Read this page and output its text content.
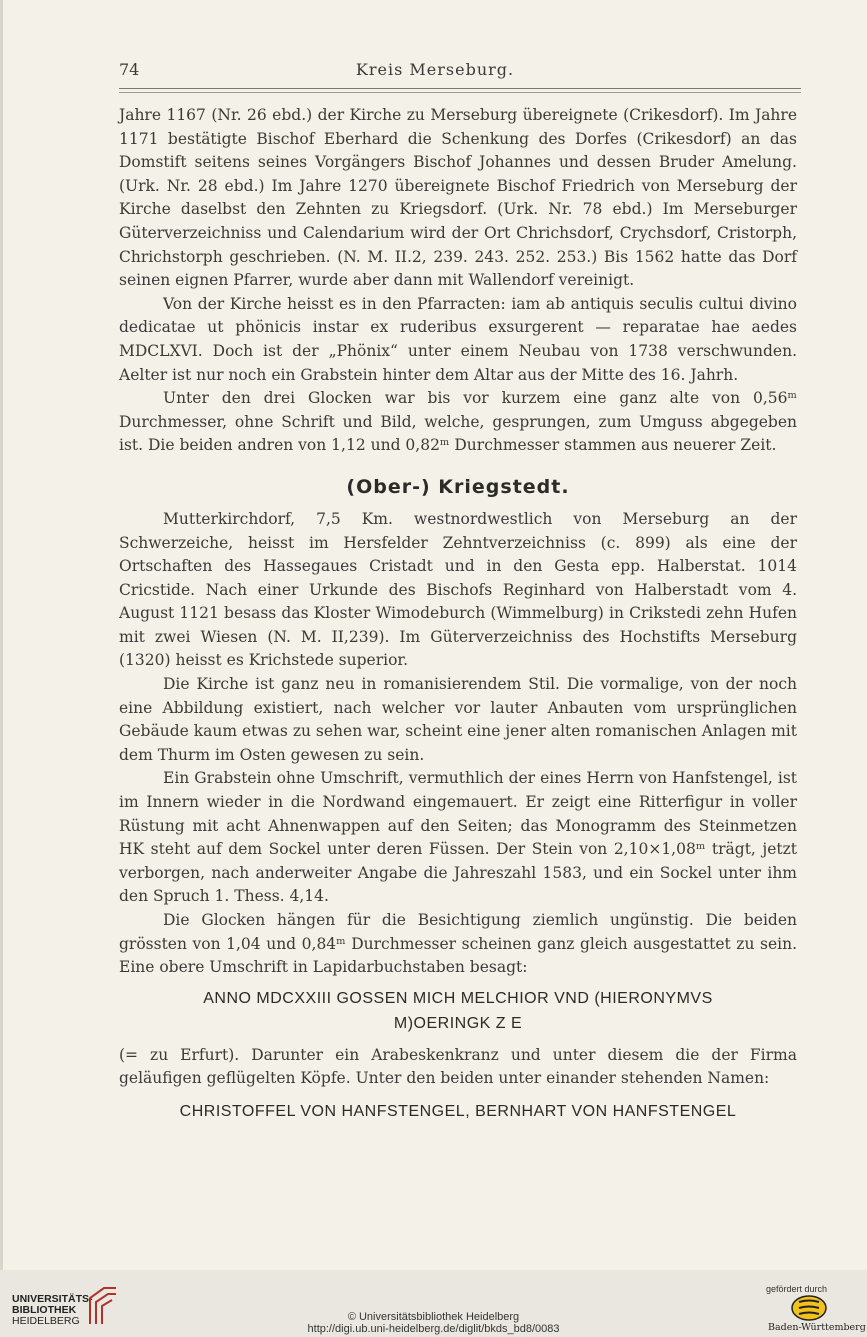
74	Kreis Merseburg.

Jahre 1167 (Nr. 26 ebd.) der Kirche zu Merseburg übereignete (Crikesdorf). Im Jahre 1171 bestätigte Bischof Eberhard die Schenkung des Dorfes (Crikesdorf) an das Domstift seitens seines Vorgängers Bischof Johannes und dessen Bruder Amelung. (Urk. Nr. 28 ebd.) Im Jahre 1270 übereignete Bischof Friedrich von Merseburg der Kirche daselbst den Zehnten zu Kriegsdorf. (Urk. Nr. 78 ebd.) Im Merseburger Güterverzeichniss und Calendarium wird der Ort Chrichsdorf, Crychsdorf, Cristorph, Chrichstorph geschrieben. (N. M. II.2, 239. 243. 252. 253.) Bis 1562 hatte das Dorf seinen eignen Pfarrer, wurde aber dann mit Wallendorf vereinigt.

Von der Kirche heisst es in den Pfarracten: iam ab antiquis seculis cultui divino dedicatae ut phönicis instar ex ruderibus exsurgerent — reparatae hae aedes MDCLXVI. Doch ist der „Phönix“ unter einem Neubau von 1738 verschwunden. Aelter ist nur noch ein Grabstein hinter dem Altar aus der Mitte des 16. Jahrh.

Unter den drei Glocken war bis vor kurzem eine ganz alte von 0,56ᵐ Durchmesser, ohne Schrift und Bild, welche, gesprungen, zum Umguss abgegeben ist. Die beiden andren von 1,12 und 0,82ᵐ Durchmesser stammen aus neuerer Zeit.

(Ober-) Kriegstedt.

Mutterkirchdorf, 7,5 Km. westnordwestlich von Merseburg an der Schwerzeiche, heisst im Hersfelder Zehntverzeichniss (c. 899) als eine der Ortschaften des Hassegaues Cristadt und in den Gesta epp. Halberstat. 1014 Cricstide. Nach einer Urkunde des Bischofs Reginhard von Halberstadt vom 4. August 1121 besass das Kloster Wimodeburch (Wimmelburg) in Crikstedi zehn Hufen mit zwei Wiesen (N. M. II,239). Im Güterverzeichniss des Hochstifts Merseburg (1320) heisst es Krichstede superior.

Die Kirche ist ganz neu in romanisierendem Stil. Die vormalige, von der noch eine Abbildung existiert, nach welcher vor lauter Anbauten vom ursprünglichen Gebäude kaum etwas zu sehen war, scheint eine jener alten romanischen Anlagen mit dem Thurm im Osten gewesen zu sein.

Ein Grabstein ohne Umschrift, vermuthlich der eines Herrn von Hanfstengel, ist im Innern wieder in die Nordwand eingemauert. Er zeigt eine Ritterfigur in voller Rüstung mit acht Ahnenwappen auf den Seiten; das Monogramm des Steinmetzen HK steht auf dem Sockel unter deren Füssen. Der Stein von 2,10×1,08ᵐ trägt, jetzt verborgen, nach anderweiter Angabe die Jahreszahl 1583, und ein Sockel unter ihm den Spruch 1. Thess. 4,14.

Die Glocken hängen für die Besichtigung ziemlich ungünstig. Die beiden grössten von 1,04 und 0,84ᵐ Durchmesser scheinen ganz gleich ausgestattet zu sein. Eine obere Umschrift in Lapidarbuchstaben besagt:

ANNO MDCXXIII GOSSEN MICH MELCHIOR VND (HIERONYMVS

M)OERINGK Z E

(= zu Erfurt). Darunter ein Arabeskenkranz und unter diesem die der Firma geläufigen geflügelten Köpfe. Unter den beiden unter einander stehenden Namen:

CHRISTOFFEL VON HANFSTENGEL, BERNHART VON HANFSTENGEL

UNIVERSITÄTS-
BIBLIOTHEK
HEIDELBERG	© Universitätsbibliothek Heidelberg
http://digi.ub.uni-heidelberg.de/diglit/bkds_bd8/0083
gefördert durch
Baden-Württemberg
